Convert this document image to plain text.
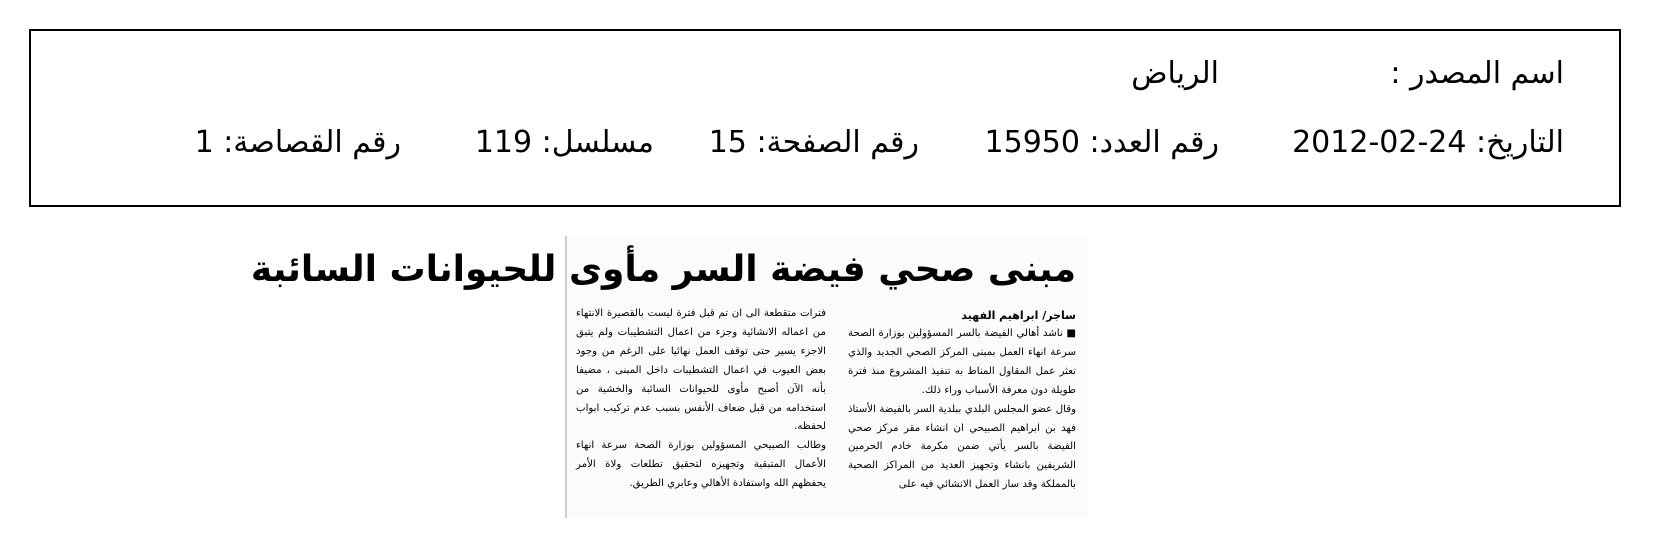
اسم المصدر :
الرياض
التاريخ: 24-02-2012
رقم العدد: 15950
رقم الصفحة: 15
مسلسل: 119
رقم القصاصة: 1
مبنى صحي فيضة السر مأوى للحيوانات السائبة
ساجر/ ابراهيم الفهيد

■ ناشد أهالي الفيضة بالسر المسؤولين بوزارة الصحة سرعة انهاء العمل بمبنى المركز الصحي الجديد والذي تعثر عمل المقاول المناط به تنفيذ المشروع منذ فترة طويلة دون معرفة الأسباب وراء ذلك.

وقال عضو المجلس البلدي ببلدية السر بالفيضة الأستاذ فهد بن ابراهيم الصبيحي ان انشاء مقر مركز صحي الفيضة بالسر يأتي ضمن مكرمة خادم الحرمين الشريفين بانشاء وتجهيز العديد من المراكز الصحية بالمملكة وقد سار العمل الانشائي فيه على

فترات متقطعة الى ان تم قبل فترة ليست بالقصيرة الانتهاء من اعماله الانشائية وجزء من اعمال التشطيبات ولم يتبق الاجزء يسير حتى توقف العمل نهائيا على الرغم من وجود بعض العيوب في اعمال التشطيبات داخل المبنى ، مضيفا بأنه الآن أصبح مأوى للحيوانات السائبة والخشية من استخدامه من قبل ضعاف الأنفس بسبب عدم تركيب ابواب لحفظه.

وطالب الصبيحي المسؤولين بوزارة الصحة سرعة انهاء الأعمال المتبقية وتجهيزه لتحقيق تطلعات ولاة الأمر يحفظهم الله واستفادة الأهالي وعابري الطريق.
